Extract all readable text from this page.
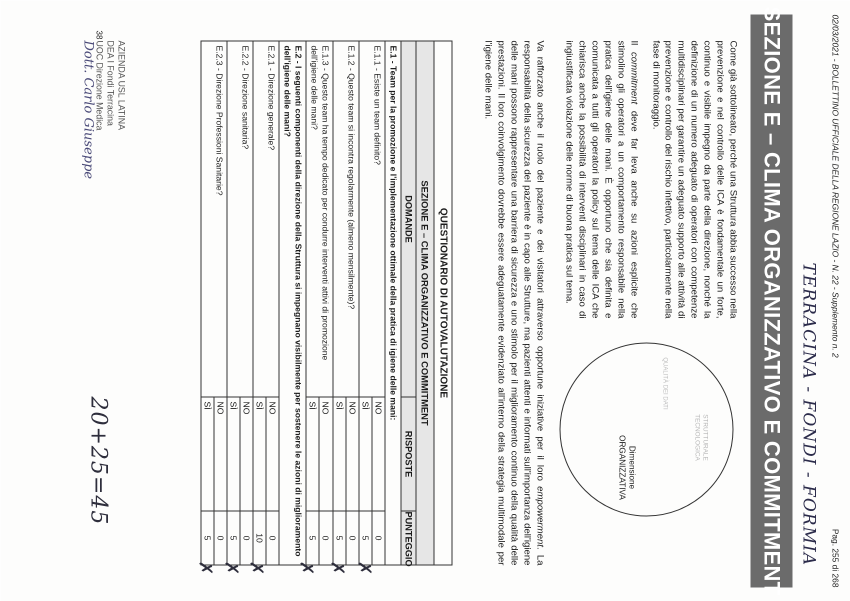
02/03/2021 - BOLLETTINO UFFICIALE DELLA REGIONE LAZIO - N. 22 - Supplemento n. 2
Pag. 255 di 268
TERRACINA - FONDI - FORMIA
SEZIONE E – CLIMA ORGANIZZATIVO E COMMITMENT

Come già sottolineato, perché una Struttura abbia successo nella prevenzione e nel controllo delle ICA è fondamentale un forte, continuo e visibile impegno da parte della direzione, nonché la definizione di un numero adeguato di operatori con competenze multidisciplinari per garantire un adeguato supporto alle attività di prevenzione e controllo del rischio infettivo, particolarmente nella fase di monitoraggio.

Il commitment deve far leva anche su azioni esplicite che stimolino gli operatori a un comportamento responsabile nella pratica dell'igiene delle mani. È opportuno che sia definita e comunicata a tutti gli operatori la policy sul tema delle ICA che chiarisca anche la possibilità di interventi disciplinari in caso di ingiustificata violazione delle norme di buona pratica sul tema.

STRUTTURALE TECNOLOGICA
QUALITÀ DEI DATI
Dimensione ORGANIZZATIVA
Va rafforzato anche il ruolo del paziente e dei visitatori attraverso opportune iniziative per il loro empowerment. La responsabilità della sicurezza del paziente è in capo alle Strutture, ma pazienti attenti e informati sull'importanza dell'igiene delle mani possono rappresentare una barriera di sicurezza e uno stimolo per il miglioramento continuo della qualità delle prestazioni. Il loro coinvolgimento dovrebbe essere adeguatamente evidenziato all'interno della strategia multimodale per l'igiene delle mani.
QUESTIONARIO DI AUTOVALUTAZIONE
SEZIONE E – CLIMA ORGANIZZATIVO E COMMITMENT
DOMANDE
RISPOSTE
PUNTEGGIO
E.1 - Team per la promozione e l'implementazione ottimale della pratica di igiene delle mani:
E.1.1 - Esiste un team definito?
NO
SÌ
0
5
E.1.2 - Questo team si incontra regolarmente (almeno mensilmente)?
NO
SÌ
0
5
E.1.3 - Questo team ha tempo dedicato per condurre interventi attivi di promozione dell'igiene delle mani?
NO
SÌ
0
5
E.2 - I seguenti componenti della direzione della Struttura si impegnano visibilmente per sostenere le azioni di miglioramento dell'igiene delle mani?
E.2.1 - Direzione generale?
NO
SÌ
0
10
E.2.2 - Direzione sanitaria?
NO
SÌ
0
5
E.2.3 - Direzione Professioni Sanitarie?
NO
SÌ
0
5
✗
✗
✗
✗
✗
✗
38
AZIENDA USL LATINA
DEA I Fondi Terracina
UOC Direzione Medica
Dott. Carlo Giuseppe
20+25=45
